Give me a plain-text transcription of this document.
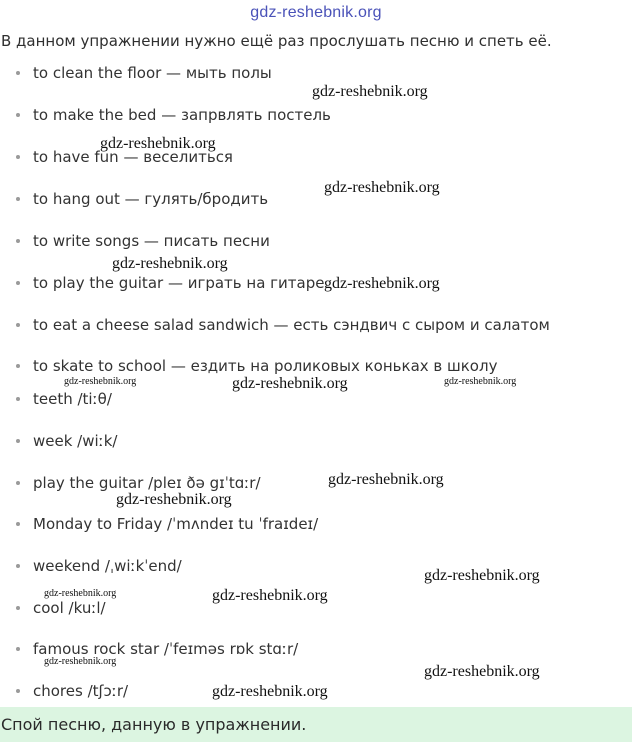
gdz-reshebnik.org
В данном упражнении нужно ещё раз прослушать песню и спеть её.
to clean the floor — мыть полы
to make the bed — запрвлять постель
to have fun — веселиться
to hang out — гулять/бродить
to write songs — писать песни
to play the guitar — играть на гитаре
to eat a cheese salad sandwich — есть сэндвич с сыром и салатом
to skate to school — ездить на роликовых коньках в школу
teeth /tiːθ/
week /wiːk/
play the guitar /pleɪ ðə gɪˈtɑːr/
Monday to Friday /ˈmʌndeɪ tu ˈfraɪdeɪ/
weekend /ˌwiːkˈend/
cool /kuːl/
famous rock star /ˈfeɪməs rɒk stɑːr/
chores /tʃɔːr/
Спой песню, данную в упражнении.
gdz-reshebnik.org
gdz-reshebnik.org
gdz-reshebnik.org
gdz-reshebnik.org
gdz-reshebnik.org
gdz-reshebnik.org	gdz-reshebnik.org	gdz-reshebnik.org
gdz-reshebnik.org
gdz-reshebnik.org
gdz-reshebnik.org
gdz-reshebnik.org	gdz-reshebnik.org
gdz-reshebnik.org
gdz-reshebnik.org
gdz-reshebnik.org
